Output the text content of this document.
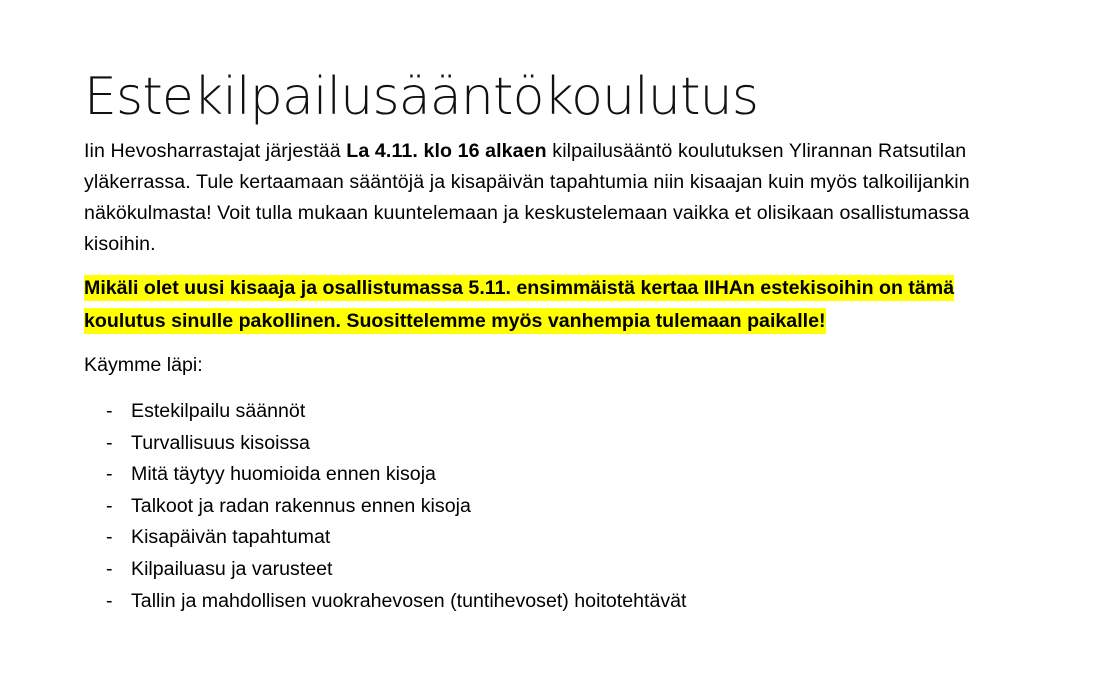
Estekilpailusääntökoulutus

Iin Hevosharrastajat järjestää La 4.11. klo 16 alkaen kilpailusääntö koulutuksen Ylirannan Ratsutilan yläkerrassa. Tule kertaamaan sääntöjä ja kisapäivän tapahtumia niin kisaajan kuin myös talkoilijankin näkökulmasta! Voit tulla mukaan kuuntelemaan ja keskustelemaan vaikka et olisikaan osallistumassa kisoihin.

Mikäli olet uusi kisaaja ja osallistumassa 5.11. ensimmäistä kertaa IIHAn estekisoihin on tämä koulutus sinulle pakollinen. Suosittelemme myös vanhempia tulemaan paikalle!

Käymme läpi:

- Estekilpailu säännöt
- Turvallisuus kisoissa
- Mitä täytyy huomioida ennen kisoja
- Talkoot ja radan rakennus ennen kisoja
- Kisapäivän tapahtumat
- Kilpailuasu ja varusteet
- Tallin ja mahdollisen vuokrahevosen (tuntihevoset) hoitotehtävät
